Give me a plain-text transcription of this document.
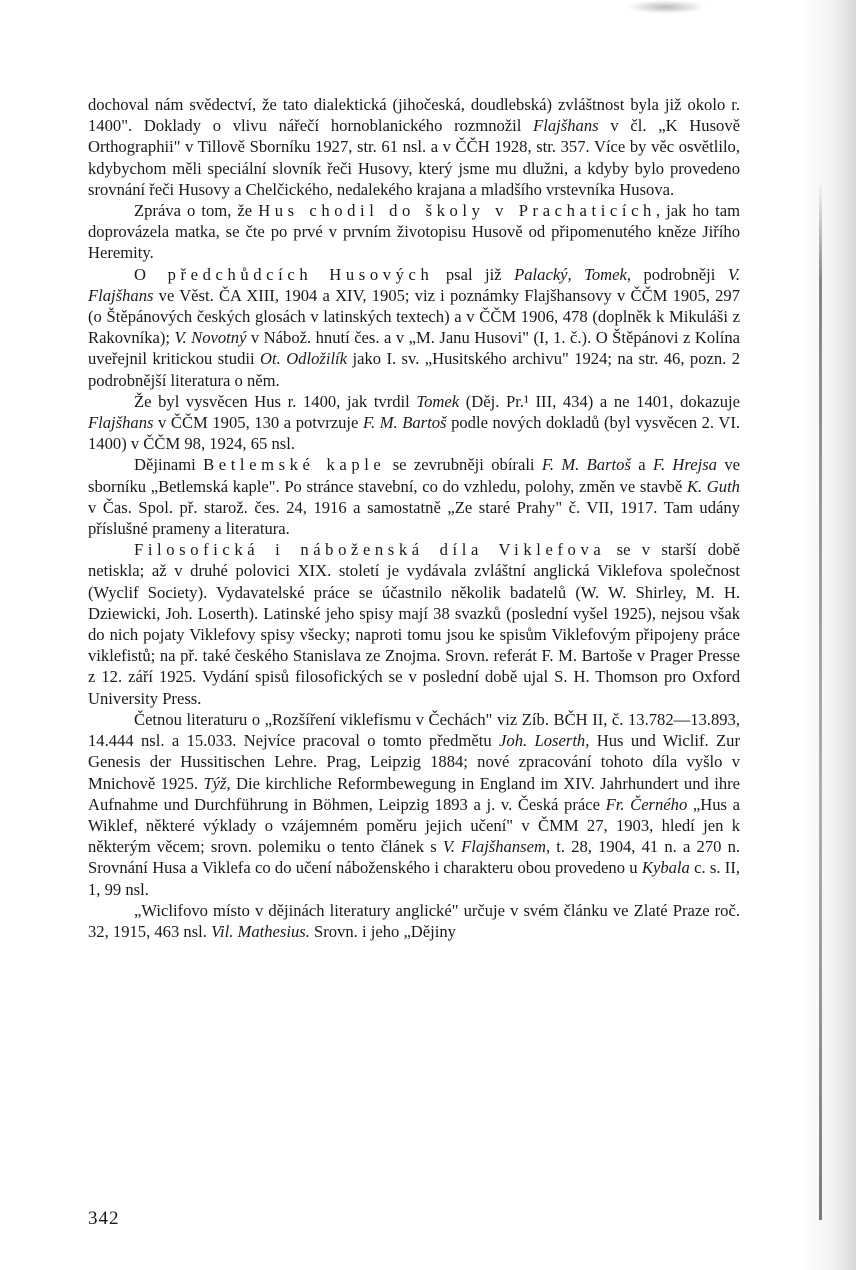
dochoval nám svědectví, že tato dialektická (jihočeská, doudlebská) zvláštnost byla již okolo r. 1400". Doklady o vlivu nářečí hornoblanického rozmnožil Flajšhans v čl. „K Husově Orthographii" v Tillově Sborníku 1927, str. 61 nsl. a v ČČH 1928, str. 357. Více by věc osvětlilo, kdybychom měli speciální slovník řeči Husovy, který jsme mu dlužni, a kdyby bylo provedeno srovnání řeči Husovy a Chelčického, nedalekého krajana a mladšího vrstevníka Husova.

Zpráva o tom, že Hus chodil do školy v Prachaticích, jak ho tam doprovázela matka, se čte po prvé v prvním životopisu Husově od připomenutého kněze Jiřího Heremity.

O předchůdcích Husových psal již Palacký, Tomek, podrobněji V. Flajšhans ve Věst. ČA XIII, 1904 a XIV, 1905; viz i poznámky Flajšhansovy v ČČM 1905, 297 (o Štěpánových českých glosách v latinských textech) a v ČČM 1906, 478 (doplněk k Mikuláši z Rakovníka); V. Novotný v Nábož. hnutí čes. a v „M. Janu Husovi" (I, 1. č.). O Štěpánovi z Kolína uveřejnil kritickou studii Ot. Odložilík jako I. sv. „Husitského archivu" 1924; na str. 46, pozn. 2 podrobnější literatura o něm.

Že byl vysvěcen Hus r. 1400, jak tvrdil Tomek (Děj. Pr.¹ III, 434) a ne 1401, dokazuje Flajšhans v ČČM 1905, 130 a potvrzuje F. M. Bartoš podle nových dokladů (byl vysvěcen 2. VI. 1400) v ČČM 98, 1924, 65 nsl.

Dějinami Betlemské kaple se zevrubněji obírali F. M. Bartoš a F. Hrejsa ve sborníku „Betlemská kaple". Po stránce stavební, co do vzhledu, polohy, změn ve stavbě K. Guth v Čas. Spol. př. starož. čes. 24, 1916 a samostatně „Ze staré Prahy" č. VII, 1917. Tam udány příslušné prameny a literatura.

Filosofická i náboženská díla Viklefova se v starší době netiskla; až v druhé polovici XIX. století je vydávala zvláštní anglická Viklefova společnost (Wyclif Society). Vydavatelské práce se účastnilo několik badatelů (W. W. Shirley, M. H. Dziewicki, Joh. Loserth). Latinské jeho spisy mají 38 svazků (poslední vyšel 1925), nejsou však do nich pojaty Viklefovy spisy všecky; naproti tomu jsou ke spisům Viklefovým připojeny práce viklefistů; na př. také českého Stanislava ze Znojma. Srovn. referát F. M. Bartoše v Prager Presse z 12. září 1925. Vydání spisů filosofických se v poslední době ujal S. H. Thomson pro Oxford University Press.

Četnou literaturu o „Rozšíření viklefismu v Čechách" viz Zíb. BČH II, č. 13.782—13.893, 14.444 nsl. a 15.033. Nejvíce pracoval o tomto předmětu Joh. Loserth, Hus und Wiclif. Zur Genesis der Hussitischen Lehre. Prag, Leipzig 1884; nové zpracování tohoto díla vyšlo v Mnichově 1925. Týž, Die kirchliche Reformbewegung in England im XIV. Jahrhundert und ihre Aufnahme und Durchführung in Böhmen, Leipzig 1893 a j. v. Česká práce Fr. Černého „Hus a Wiklef, některé výklady o vzájemném poměru jejich učení" v ČMM 27, 1903, hledí jen k některým věcem; srovn. polemiku o tento článek s V. Flajšhansem, t. 28, 1904, 41 n. a 270 n. Srovnání Husa a Viklefa co do učení náboženského i charakteru obou provedeno u Kybala c. s. II, 1, 99 nsl.

„Wiclifovo místo v dějinách literatury anglické" určuje v svém článku ve Zlaté Praze roč. 32, 1915, 463 nsl. Vil. Mathesius. Srovn. i jeho „Dějiny

342
